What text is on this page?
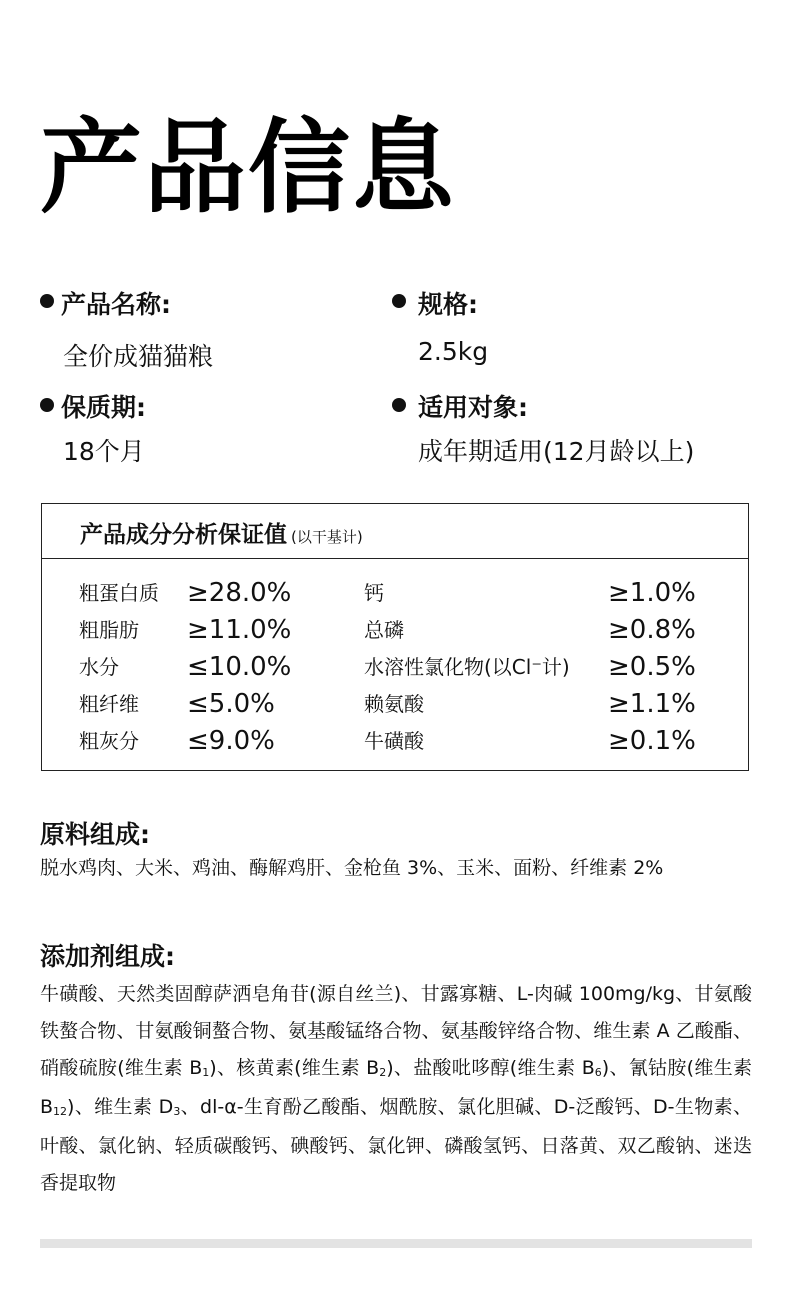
产品信息
产品名称:
全价成猫猫粮
规格:
2.5kg
保质期:
18个月
适用对象:
成年期适用(12月龄以上)
产品成分分析保证值 (以干基计)
粗蛋白质 ≥28.0%	钙	≥1.0%
粗脂肪 ≥11.0%	总磷	≥0.8%
水分	≤10.0%	水溶性氯化物(以Cl⁻计) ≥0.5%
粗纤维 ≤5.0%	赖氨酸	≥1.1%
粗灰分 ≤9.0%	牛磺酸	≥0.1%
原料组成:
脱水鸡肉、大米、鸡油、酶解鸡肝、金枪鱼 3%、玉米、面粉、纤维素 2%
添加剂组成:
牛磺酸、天然类固醇萨洒皂角苷(源自丝兰)、甘露寡糖、L-肉碱 100mg/kg、甘氨酸铁螯合物、甘氨酸铜螯合物、氨基酸锰络合物、氨基酸锌络合物、维生素 A 乙酸酯、硝酸硫胺(维生素 $B_1$)、核黄素(维生素 $B_2$)、盐酸吡哆醇(维生素 $B_6$)、氰钴胺(维生素 $B_{12}$)、维生素 $D_3$、dl-α-生育酚乙酸酯、烟酰胺、氯化胆碱、D-泛酸钙、D-生物素、叶酸、氯化钠、轻质碳酸钙、碘酸钙、氯化钾、磷酸氢钙、日落黄、双乙酸钠、迷迭香提取物
